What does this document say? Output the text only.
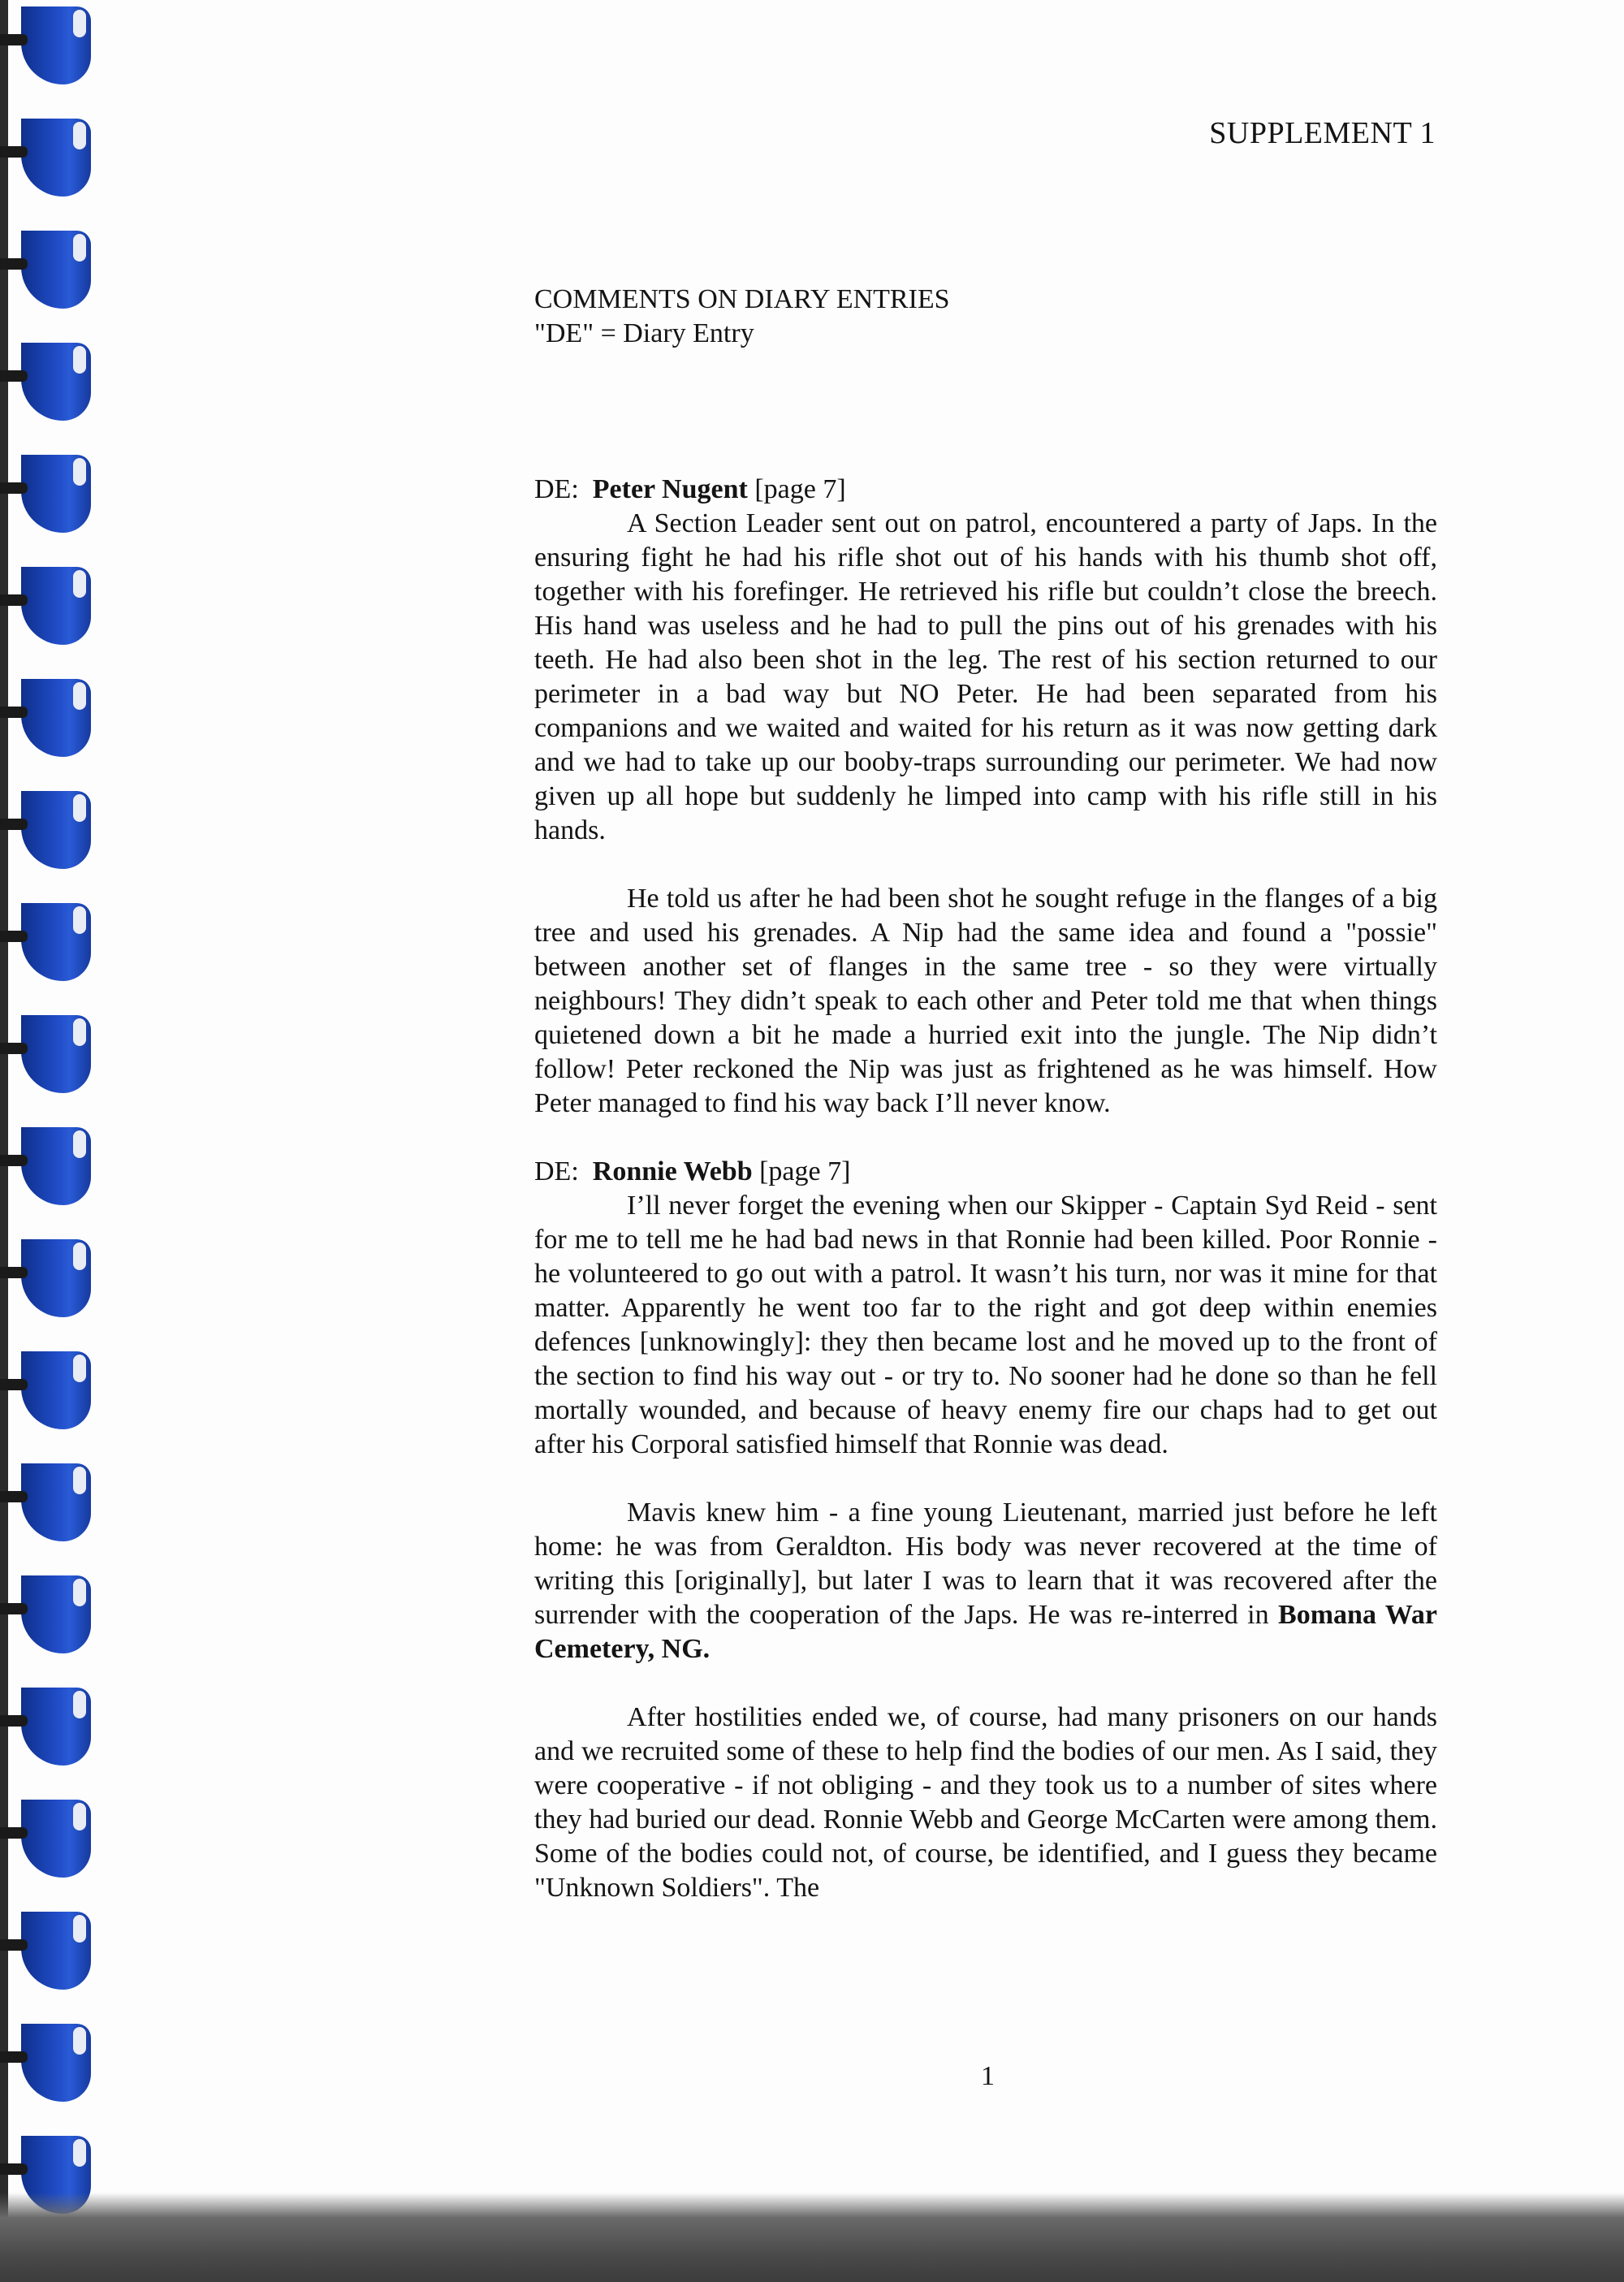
SUPPLEMENT 1
COMMENTS ON DIARY ENTRIES
"DE" = Diary Entry
DE: Peter Nugent [page 7]

A Section Leader sent out on patrol, encountered a party of Japs. In the ensuring fight he had his rifle shot out of his hands with his thumb shot off, together with his forefinger. He retrieved his rifle but couldn’t close the breech. His hand was useless and he had to pull the pins out of his grenades with his teeth. He had also been shot in the leg. The rest of his section returned to our perimeter in a bad way but NO Peter. He had been separated from his companions and we waited and waited for his return as it was now getting dark and we had to take up our booby-traps surrounding our perimeter. We had now given up all hope but suddenly he limped into camp with his rifle still in his hands.

He told us after he had been shot he sought refuge in the flanges of a big tree and used his grenades. A Nip had the same idea and found a "possie" between another set of flanges in the same tree - so they were virtually neighbours! They didn’t speak to each other and Peter told me that when things quietened down a bit he made a hurried exit into the jungle. The Nip didn’t follow! Peter reckoned the Nip was just as frightened as he was himself. How Peter managed to find his way back I’ll never know.

DE: Ronnie Webb [page 7]

I’ll never forget the evening when our Skipper - Captain Syd Reid - sent for me to tell me he had bad news in that Ronnie had been killed. Poor Ronnie - he volunteered to go out with a patrol. It wasn’t his turn, nor was it mine for that matter. Apparently he went too far to the right and got deep within enemies defences [unknowingly]: they then became lost and he moved up to the front of the section to find his way out - or try to. No sooner had he done so than he fell mortally wounded, and because of heavy enemy fire our chaps had to get out after his Corporal satisfied himself that Ronnie was dead.

Mavis knew him - a fine young Lieutenant, married just before he left home: he was from Geraldton. His body was never recovered at the time of writing this [originally], but later I was to learn that it was recovered after the surrender with the cooperation of the Japs. He was re-interred in Bomana War Cemetery, NG.

After hostilities ended we, of course, had many prisoners on our hands and we recruited some of these to help find the bodies of our men. As I said, they were cooperative - if not obliging - and they took us to a number of sites where they had buried our dead. Ronnie Webb and George McCarten were among them. Some of the bodies could not, of course, be identified, and I guess they became "Unknown Soldiers". The

1
